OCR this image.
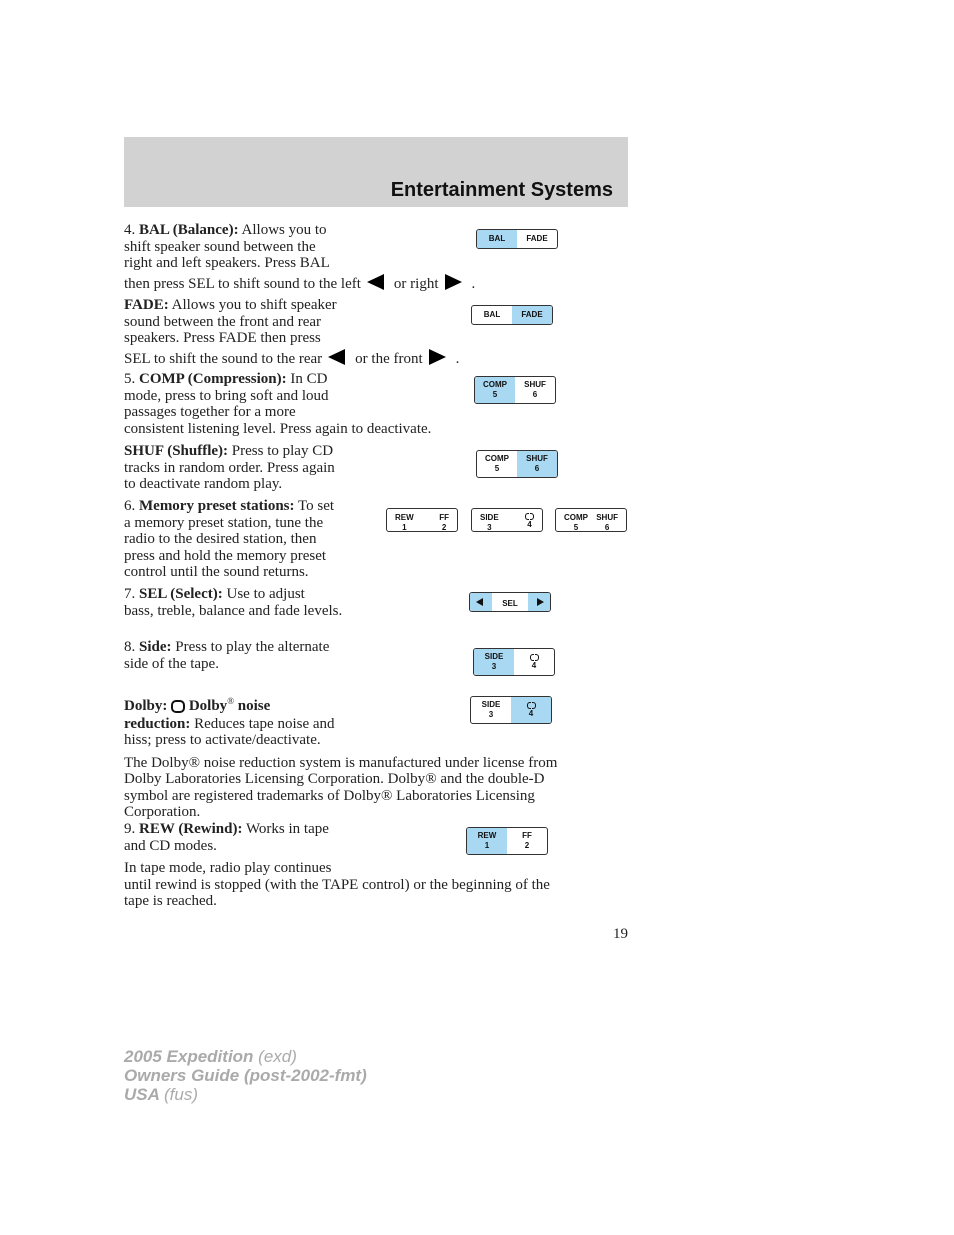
Entertainment Systems
4. BAL (Balance): Allows you to
shift speaker sound between the
right and left speakers. Press BAL
then press SEL to shift sound to the left or right .
BAL	FADE
FADE: Allows you to shift speaker
sound between the front and rear
speakers. Press FADE then press
SEL to shift the sound to the rear or the front .
BAL	FADE
5. COMP (Compression): In CD
mode, press to bring soft and loud
passages together for a more
consistent listening level. Press again to deactivate.
COMP
5
SHUF
6
SHUF (Shuffle): Press to play CD
tracks in random order. Press again
to deactivate random play.
COMP
5
SHUF
6
6. Memory preset stations: To set
a memory preset station, tune the
radio to the desired station, then
press and hold the memory preset
control until the sound returns.
REW
1
FF
2
SIDE
3	4
COMP
5
SHUF
6
7. SEL (Select): Use to adjust
bass, treble, balance and fade levels.	SEL
8. Side: Press to play the alternate
side of the tape.	SIDE
3	4
Dolby: Dolby® noise
reduction: Reduces tape noise and
hiss; press to activate/deactivate.
The Dolby® noise reduction system is manufactured under license from
Dolby Laboratories Licensing Corporation. Dolby® and the double-D
symbol are registered trademarks of Dolby® Laboratories Licensing
Corporation.
SIDE
3	4
9. REW (Rewind): Works in tape
and CD modes.
In tape mode, radio play continues
until rewind is stopped (with the TAPE control) or the beginning of the
tape is reached.
REW
1
FF
2
19
2005 Expedition (exd)
Owners Guide (post-2002-fmt)
USA (fus)
